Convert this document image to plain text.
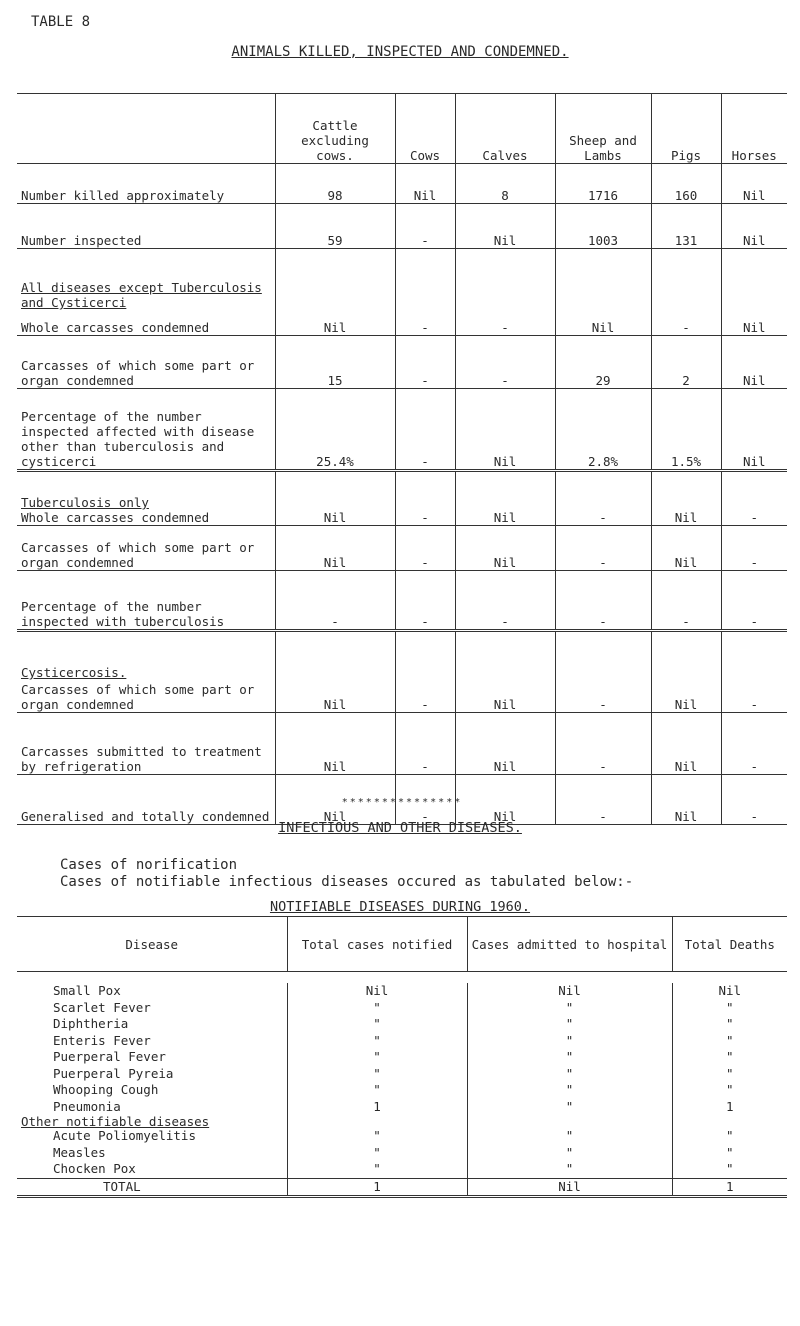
TABLE 8
ANIMALS KILLED, INSPECTED AND CONDEMNED.
	Cattle excluding cows.	Cows	Calves	Sheep and Lambs	Pigs	Horses
Number killed approximately	98	Nil	8	1716	160	Nil
Number inspected	59	-	Nil	1003	131	Nil

All diseases except Tuberculosis and Cysticerci
Whole carcasses condemned	Nil	-	-	Nil	-	Nil
Carcasses of which some part or organ condemned	15	-	-	29	2	Nil
Percentage of the number inspected affected with disease other than tuberculosis and cysticerci	25.4%	-	Nil	2.8%	1.5%	Nil

Tuberculosis only
Whole carcasses condemned	Nil	-	Nil	-	Nil	-
Carcasses of which some part or organ condemned	Nil	-	Nil	-	Nil	-
Percentage of the number inspected with tuberculosis	-	-	-	-	-	-

Cysticercosis.
Carcasses of which some part or organ condemned	Nil	-	Nil	-	Nil	-
Carcasses submitted to treatment by refrigeration	Nil	-	Nil	-	Nil	-
Generalised and totally condemned	Nil	-	Nil	-	Nil	-
* * * * * * * * * * * * * * *
INFECTIOUS AND OTHER DISEASES.
Cases of norification
Cases of notifiable infectious diseases occured as tabulated below:-
NOTIFIABLE DISEASES DURING 1960.
Disease	Total cases notified	Cases admitted to hospital	Total Deaths

Small Pox	Nil	Nil	Nil
Scarlet Fever	"	"	"
Diphtheria	"	"	"
Enteris Fever	"	"	"
Puerperal Fever	"	"	"
Puerperal Pyreia	"	"	"
Whooping Cough	"	"	"
Pneumonia	1	"	1
Other notifiable diseases			
Acute Poliomyelitis	"	"	"
Measles	"	"	"
Chocken Pox	"	"	"
TOTAL	1	Nil	1
